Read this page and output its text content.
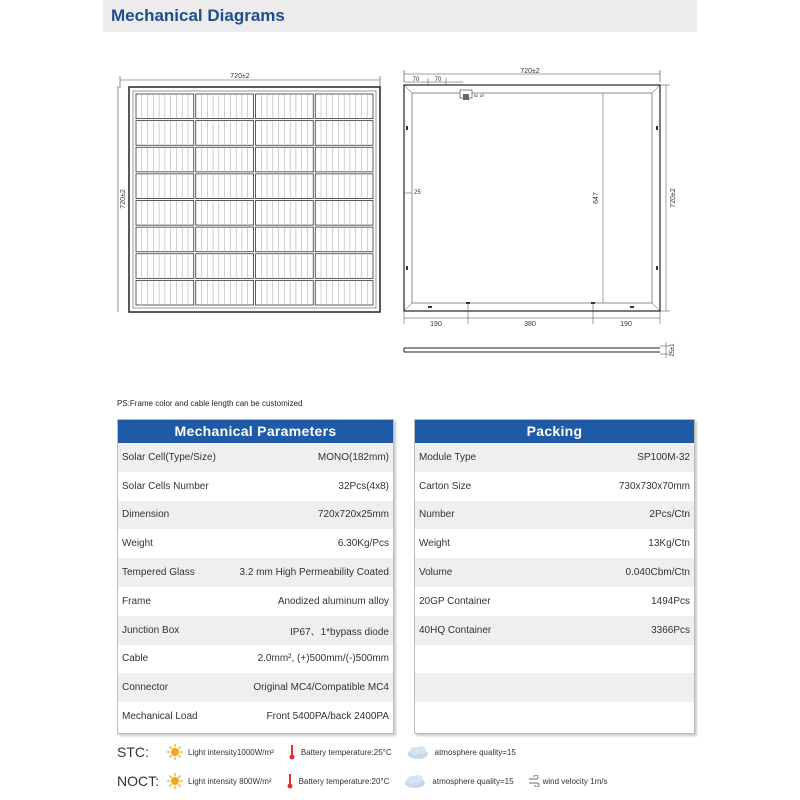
Mechanical Diagrams
720±2
720±2
720±2
70	70
8 5
25	647	720±2
190	380	190
25±1
PS:Frame color and cable length can be customized
Mechanical Parameters
Solar Cell(Type/Size)	MONO(182mm)
Solar Cells Number	32Pcs(4x8)
Dimension	720x720x25mm
Weight	6.30Kg/Pcs
Tempered Glass	3.2 mm High Permeability Coated
Frame	Anodized aluminum alloy
Junction Box	IP67、1*bypass diode
Cable	2.0mm², (+)500mm/(-)500mm
Connector	Original MC4/Compatible MC4
Mechanical Load	Front 5400PA/back 2400PA
Packing
Module Type	SP100M-32
Carton Size	730x730x70mm
Number	2Pcs/Ctn
Weight	13Kg/Ctn
Volume	0.040Cbm/Ctn
20GP Container	1494Pcs
40HQ Container	3366Pcs
STC:	Light intensity1000W/m²	Battery temperature:25°C	atmosphere quality=15
NOCT:	Light intensity 800W/m²	Battery temperature:20°C	atmosphere quality=15	wind velocity 1m/s
